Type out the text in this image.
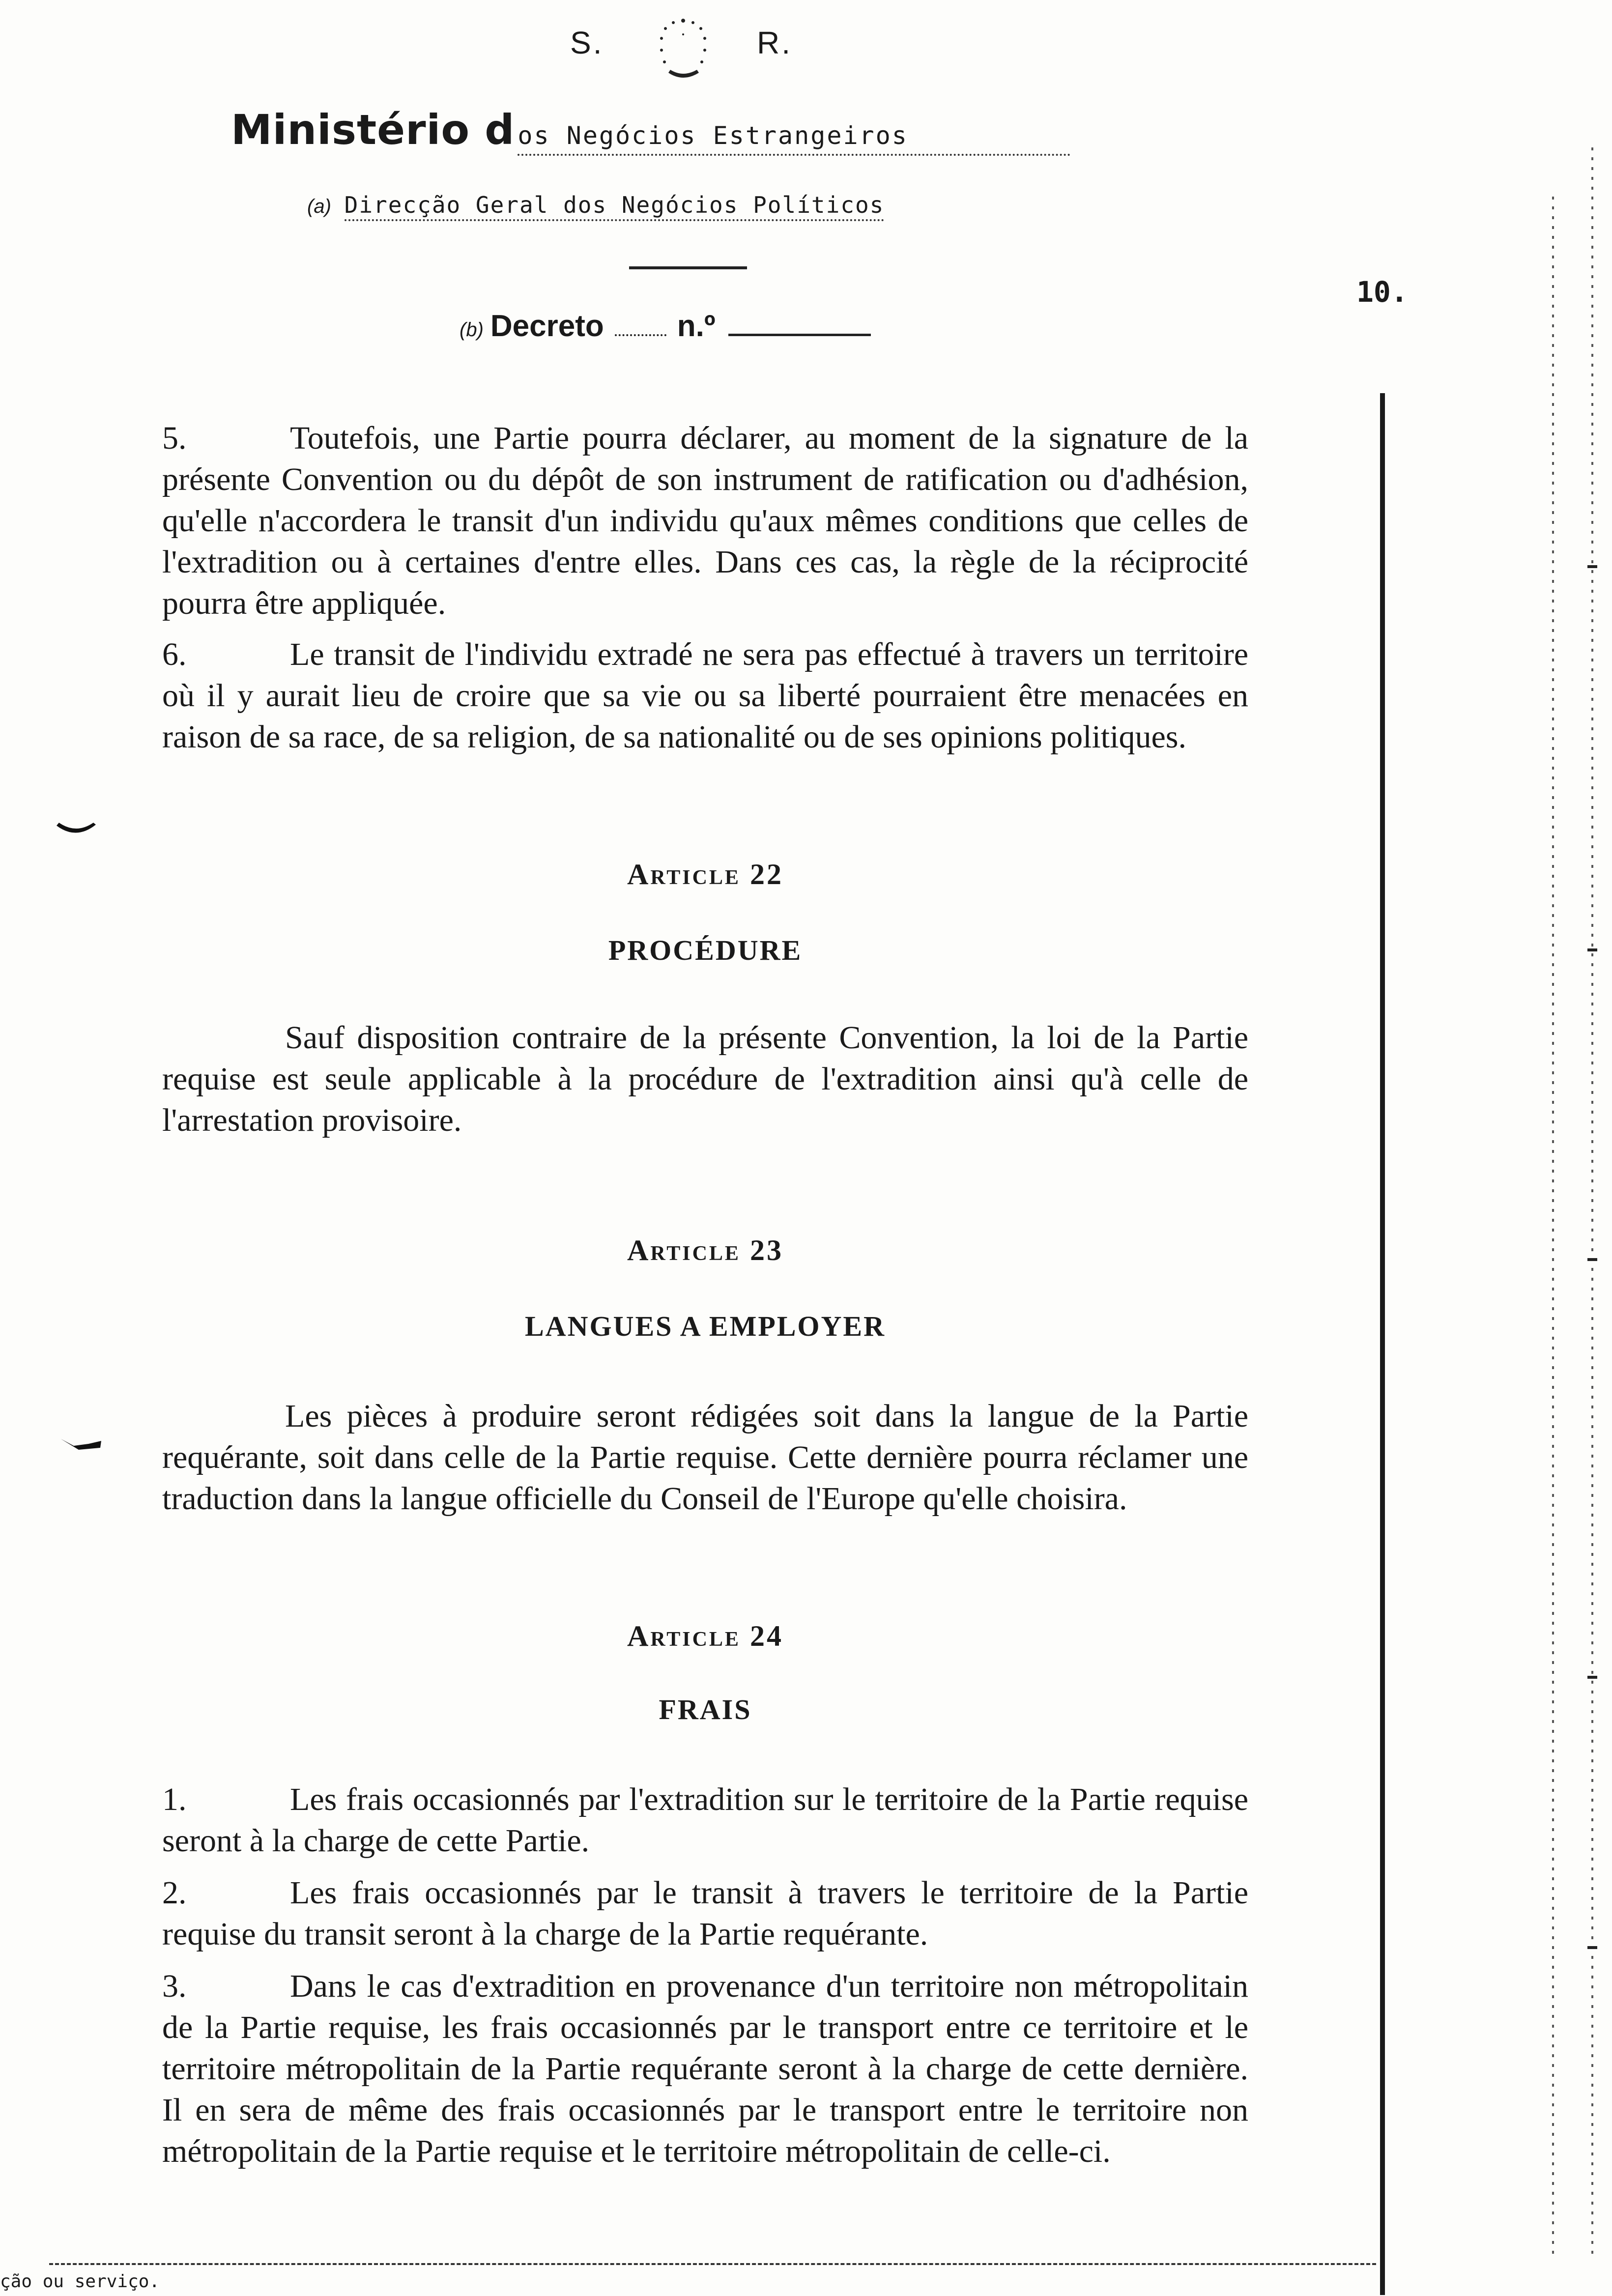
S.	R.
Ministério d os Negócios Estrangeiros
(a) Direcção Geral dos Negócios Políticos
(b) Decreto n.º
10.
5.	Toutefois, une Partie pourra déclarer, au moment de la signature de la présente Convention ou du dépôt de son instrument de ratification ou d'adhésion, qu'elle n'accordera le transit d'un individu qu'aux mêmes conditions que celles de l'extradition ou à certaines d'entre elles. Dans ces cas, la règle de la réciprocité pourra être appliquée.
6.	Le transit de l'individu extradé ne sera pas effectué à travers un territoire où il y aurait lieu de croire que sa vie ou sa liberté pourraient être menacées en raison de sa race, de sa religion, de sa nationalité ou de ses opinions politiques.
Article 22
PROCÉDURE
Sauf disposition contraire de la présente Convention, la loi de la Partie requise est seule applicable à la procédure de l'extradition ainsi qu'à celle de l'arrestation provisoire.
Article 23
LANGUES A EMPLOYER
Les pièces à produire seront rédigées soit dans la langue de la Partie requérante, soit dans celle de la Partie requise. Cette dernière pourra réclamer une traduction dans la langue officielle du Conseil de l'Europe qu'elle choisira.
Article 24
FRAIS
1.	Les frais occasionnés par l'extradition sur le territoire de la Partie requise seront à la charge de cette Partie.
2.	Les frais occasionnés par le transit à travers le territoire de la Partie requise du transit seront à la charge de la Partie requérante.
3.	Dans le cas d'extradition en provenance d'un territoire non métropolitain de la Partie requise, les frais occasionnés par le transport entre ce territoire et le territoire métropolitain de la Partie requérante seront à la charge de cette dernière. Il en sera de même des frais occasionnés par le transport entre le territoire non métropolitain de la Partie requise et le territoire métropolitain de celle-ci.
ção ou serviço.
